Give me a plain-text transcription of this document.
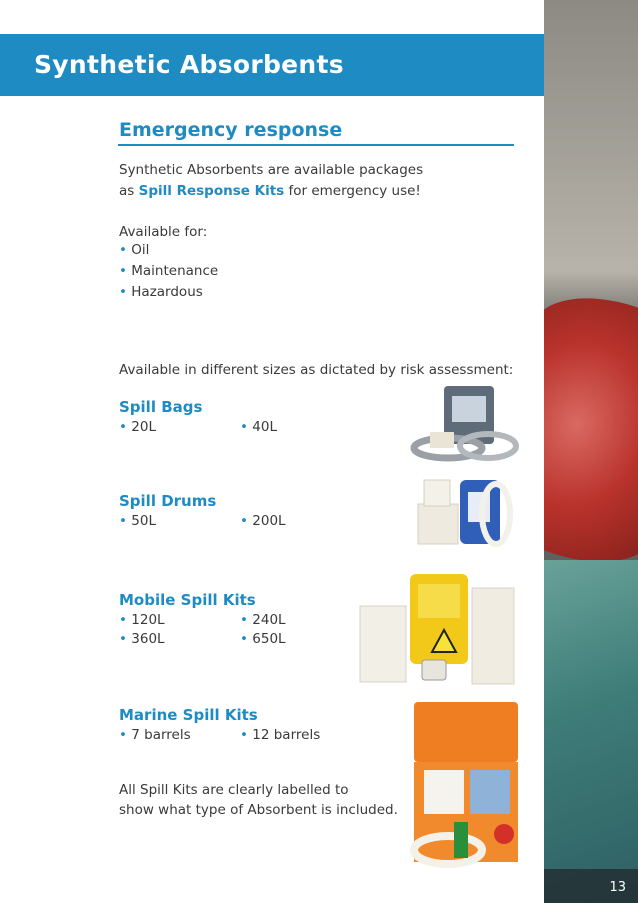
13
Synthetic Absorbents
Emergency response
Synthetic Absorbents are available packages
as Spill Response Kits for emergency use!
Available for:
• Oil
• Maintenance
• Hazardous
Available in different sizes as dictated by risk assessment:
Spill Bags
• 20L	• 40L
Spill Drums
• 50L	• 200L
Mobile Spill Kits
• 120L	• 240L
• 360L	• 650L
Marine Spill Kits
• 7 barrels	• 12 barrels
All Spill Kits are clearly labelled to
show what type of Absorbent is included.
